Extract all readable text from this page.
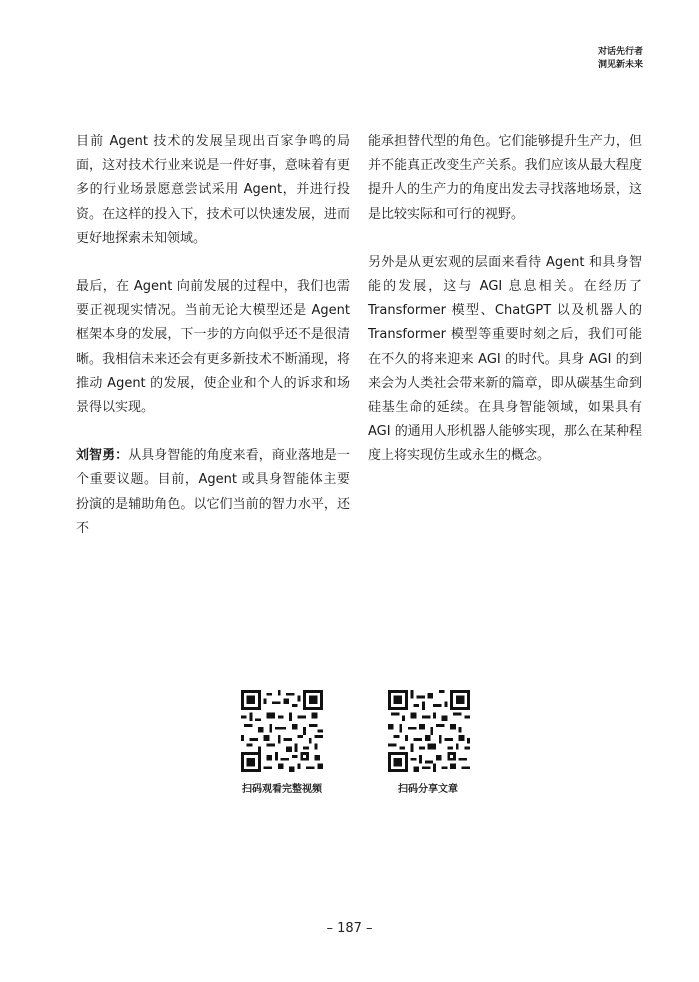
对话先行者
洞见新未来

目前 Agent 技术的发展呈现出百家争鸣的局面，这对技术行业来说是一件好事，意味着有更多的行业场景愿意尝试采用 Agent，并进行投资。在这样的投入下，技术可以快速发展，进而更好地探索未知领域。

最后，在 Agent 向前发展的过程中，我们也需要正视现实情况。当前无论大模型还是 Agent 框架本身的发展，下一步的方向似乎还不是很清晰。我相信未来还会有更多新技术不断涌现，将推动 Agent 的发展，使企业和个人的诉求和场景得以实现。

刘智勇：从具身智能的角度来看，商业落地是一个重要议题。目前，Agent 或具身智能体主要扮演的是辅助角色。以它们当前的智力水平，还不

能承担替代型的角色。它们能够提升生产力，但并不能真正改变生产关系。我们应该从最大程度提升人的生产力的角度出发去寻找落地场景，这是比较实际和可行的视野。

另外是从更宏观的层面来看待 Agent 和具身智能的发展，这与 AGI 息息相关。在经历了 Transformer 模型、ChatGPT 以及机器人的 Transformer 模型等重要时刻之后，我们可能在不久的将来迎来 AGI 的时代。具身 AGI 的到来会为人类社会带来新的篇章，即从碳基生命到硅基生命的延续。在具身智能领域，如果具有 AGI 的通用人形机器人能够实现，那么在某种程度上将实现仿生或永生的概念。

扫码观看完整视频	扫码分享文章
– 187 –
